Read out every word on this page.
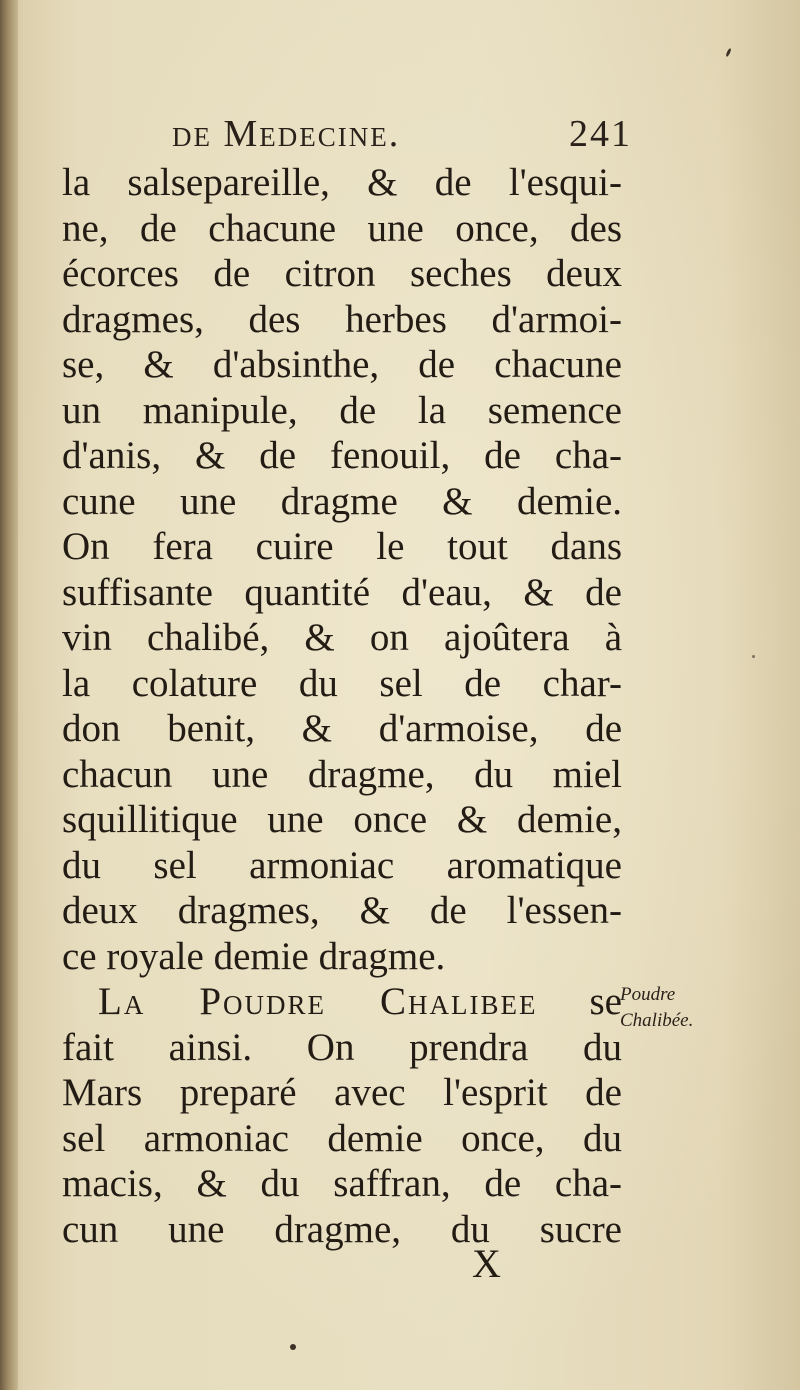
de Medecine.	241
la salsepareille, & de l'esqui-
ne, de chacune une once, des
écorces de citron seches deux
dragmes, des herbes d'armoi-
se, & d'absinthe, de chacune
un manipule, de la semence
d'anis, & de fenouil, de cha-
cune une dragme & demie.
On fera cuire le tout dans
suffisante quantité d'eau, & de
vin chalibé, & on ajoûtera à
la colature du sel de char-
don benit, & d'armoise, de
chacun une dragme, du miel
squillitique une once & demie,
du sel armoniac aromatique
deux dragmes, & de l'essen-
ce royale demie dragme.
La Poudre Chalibee se
fait ainsi. On prendra du
Mars preparé avec l'esprit de
sel armoniac demie once, du
macis, & du saffran, de cha-
cun une dragme, du sucre
Poudre
Chalibée.
X
